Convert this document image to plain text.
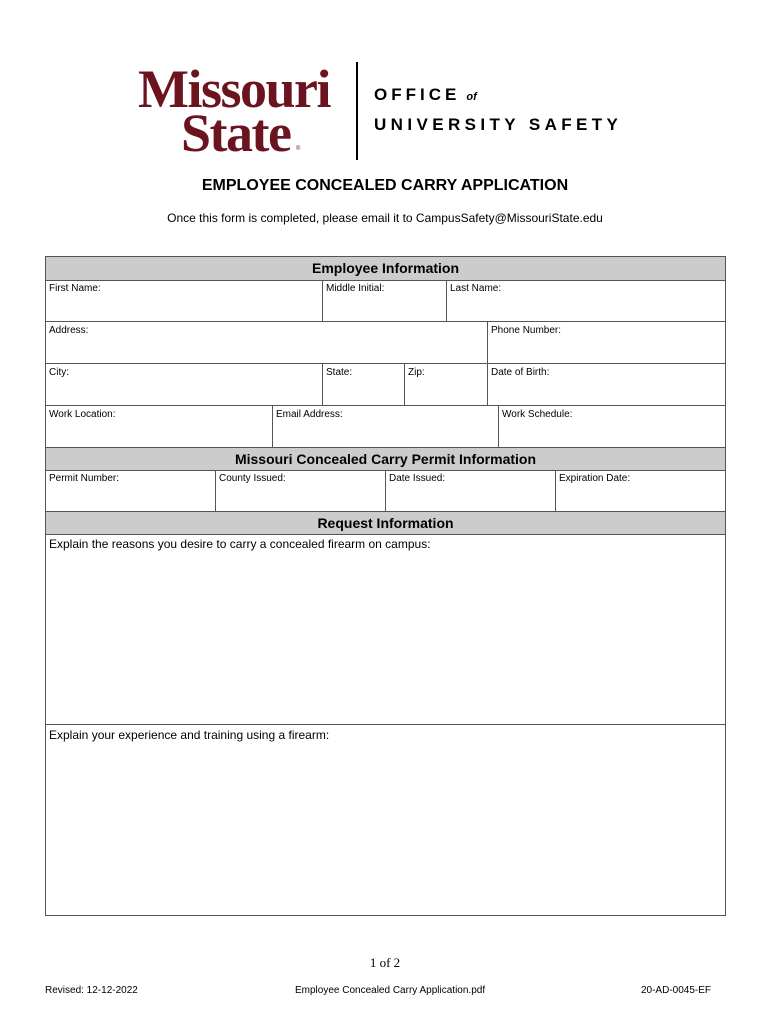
Missouri
State ®
OFFICE of
UNIVERSITY SAFETY
EMPLOYEE CONCEALED CARRY APPLICATION
Once this form is completed, please email it to CampusSafety@MissouriState.edu
Employee Information
First Name:	Middle Initial:	Last Name:
Address:	Phone Number:
City:	State:	Zip:	Date of Birth:
Work Location:	Email Address:	Work Schedule:
Missouri Concealed Carry Permit Information
Permit Number:	County Issued:	Date Issued:	Expiration Date:
Request Information
Explain the reasons you desire to carry a concealed firearm on campus:
Explain your experience and training using a firearm:
1 of 2
Revised: 12-12-2022	Employee Concealed Carry Application.pdf	20-AD-0045-EF
